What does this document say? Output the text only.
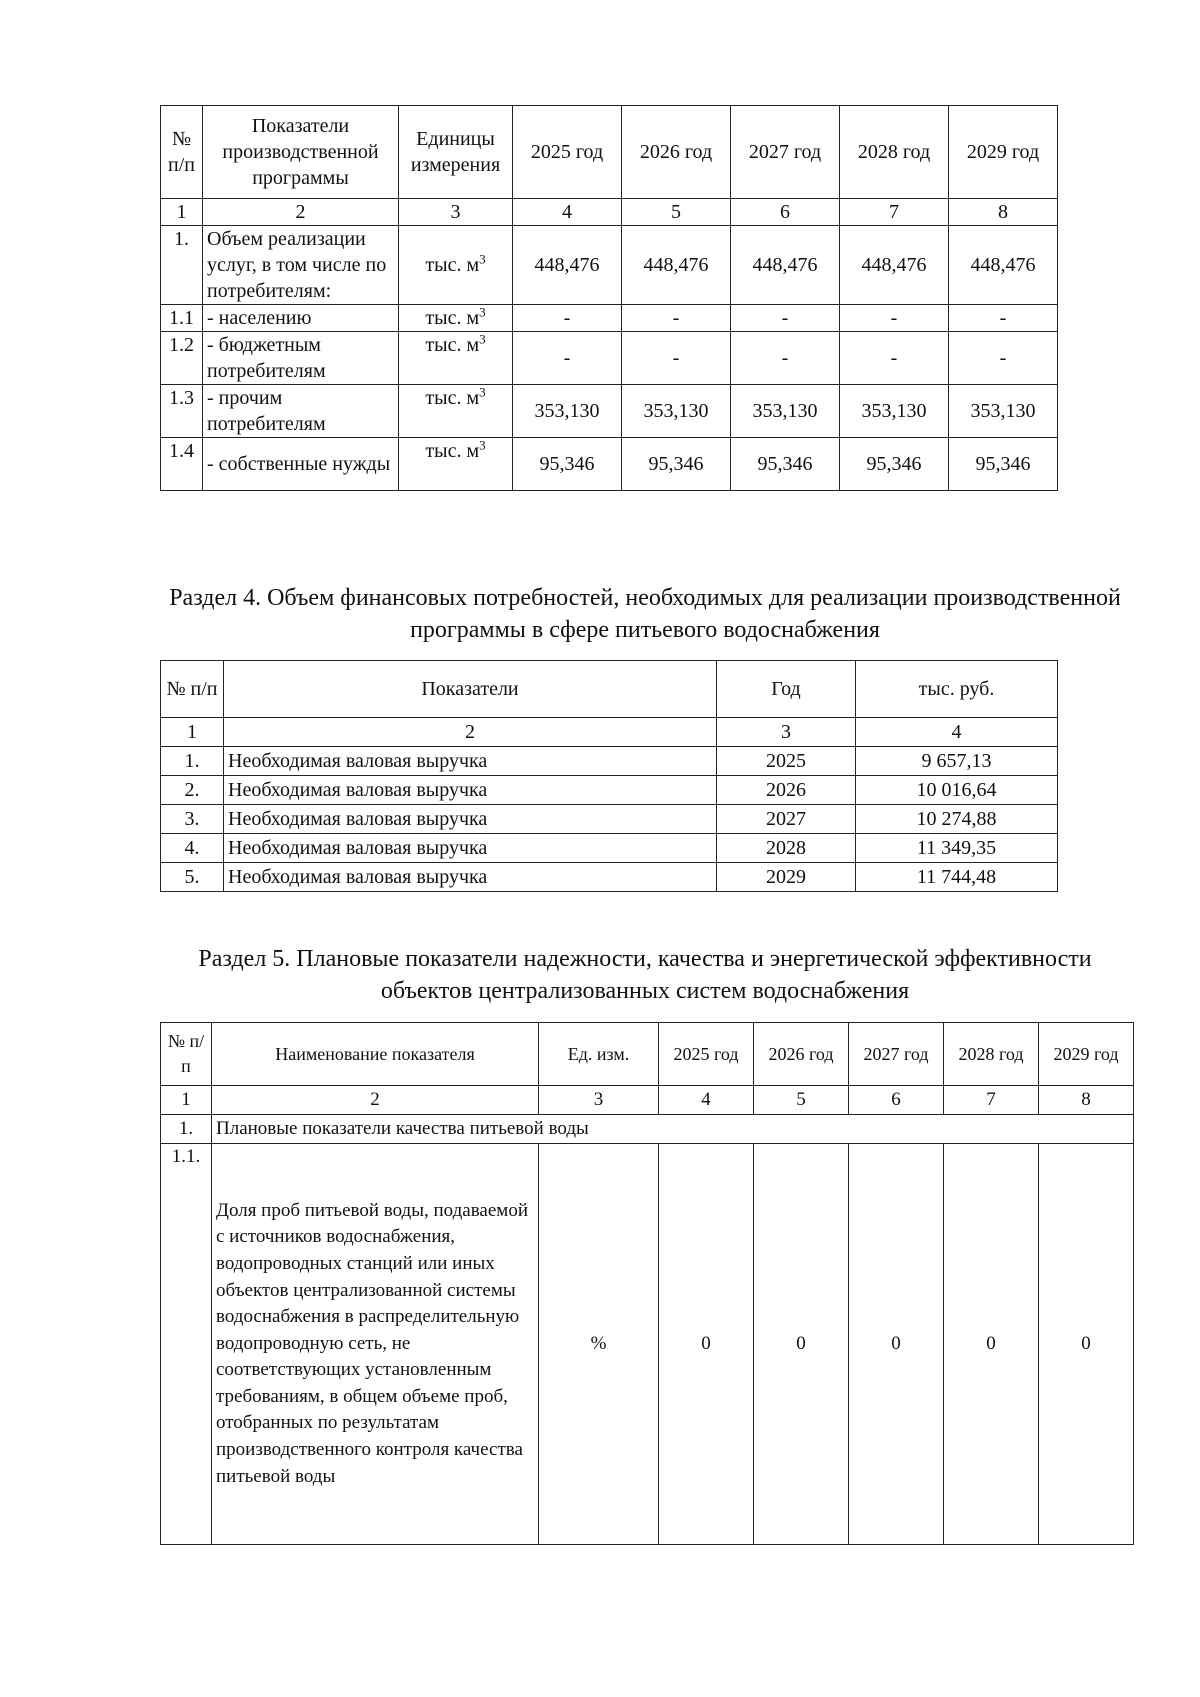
№ п/п	Показатели производственной программы	Единицы измерения	2025 год	2026 год	2027 год	2028 год	2029 год
1	2	3	4	5	6	7	8
1.	Объем реализации услуг, в том числе по потребителям:	тыс. $м^3$	448,476	448,476	448,476	448,476	448,476
1.1	- населению	тыс. $м^3$	-	-	-	-	-
1.2	- бюджетным потребителям	тыс. $м^3$	-	-	-	-	-
1.3	- прочим потребителям	тыс. $м^3$	353,130	353,130	353,130	353,130	353,130
1.4	- собственные нужды	тыс. $м^3$	95,346	95,346	95,346	95,346	95,346
Раздел 4. Объем финансовых потребностей, необходимых для реализации производственной программы в сфере питьевого водоснабжения
№ п/п	Показатели	Год	тыс. руб.
1	2	3	4
1.	Необходимая валовая выручка	2025	9 657,13
2.	Необходимая валовая выручка	2026	10 016,64
3.	Необходимая валовая выручка	2027	10 274,88
4.	Необходимая валовая выручка	2028	11 349,35
5.	Необходимая валовая выручка	2029	11 744,48
Раздел 5. Плановые показатели надежности, качества и энергетической эффективности объектов централизованных систем водоснабжения
№ п/п	Наименование показателя	Ед. изм.	2025 год	2026 год	2027 год	2028 год	2029 год
1	2	3	4	5	6	7	8
1.	Плановые показатели качества питьевой воды						
1.1.	Доля проб питьевой воды, подаваемой с источников водоснабжения, водопроводных станций или иных объектов централизованной системы водоснабжения в распределительную водопроводную сеть, не соответствующих установленным требованиям, в общем объеме проб, отобранных по результатам производственного контроля качества питьевой воды	%	0	0	0	0	0
